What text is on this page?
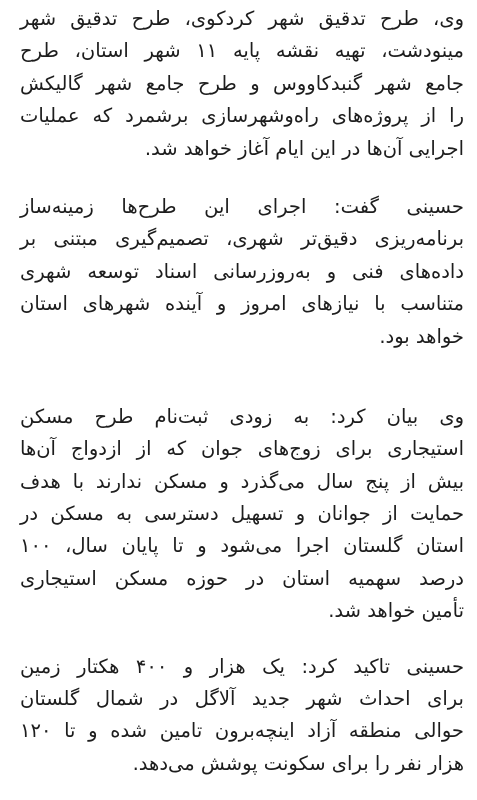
وی، طرح تدقیق شهر کردکوی، طرح تدقیق شهر
مینودشت، تهیه نقشه پایه ۱۱ شهر استان، طرح
جامع شهر گنبدکاووس و طرح جامع شهر گالیکش
را از پروژه‌های راه‌وشهرسازی برشمرد که عملیات
اجرایی آن‌ها در این ایام آغاز خواهد شد.
حسینی گفت: اجرای این طرح‌ها زمینه‌ساز
برنامه‌ریزی دقیق‌تر شهری، تصمیم‌گیری مبتنی بر
داده‌های فنی و به‌روزرسانی اسناد توسعه شهری
متناسب با نیازهای امروز و آینده شهرهای استان
خواهد بود.
وی بیان کرد: به زودی ثبت‌نام طرح مسکن
استیجاری برای زوج‌های جوان که از ازدواج آن‌ها
بیش از پنج سال می‌گذرد و مسکن ندارند با هدف
حمایت از جوانان و تسهیل دسترسی به مسکن در
استان گلستان اجرا می‌شود و تا پایان سال، ۱۰۰
درصد سهمیه استان در حوزه مسکن استیجاری
تأمین خواهد شد.
حسینی تاکید کرد: یک هزار و ۴۰۰ هکتار زمین
برای احداث شهر جدید آلاگل در شمال گلستان
حوالی منطقه آزاد اینچه‌برون تامین شده و تا ۱۲۰
هزار نفر را برای سکونت پوشش می‌دهد.
